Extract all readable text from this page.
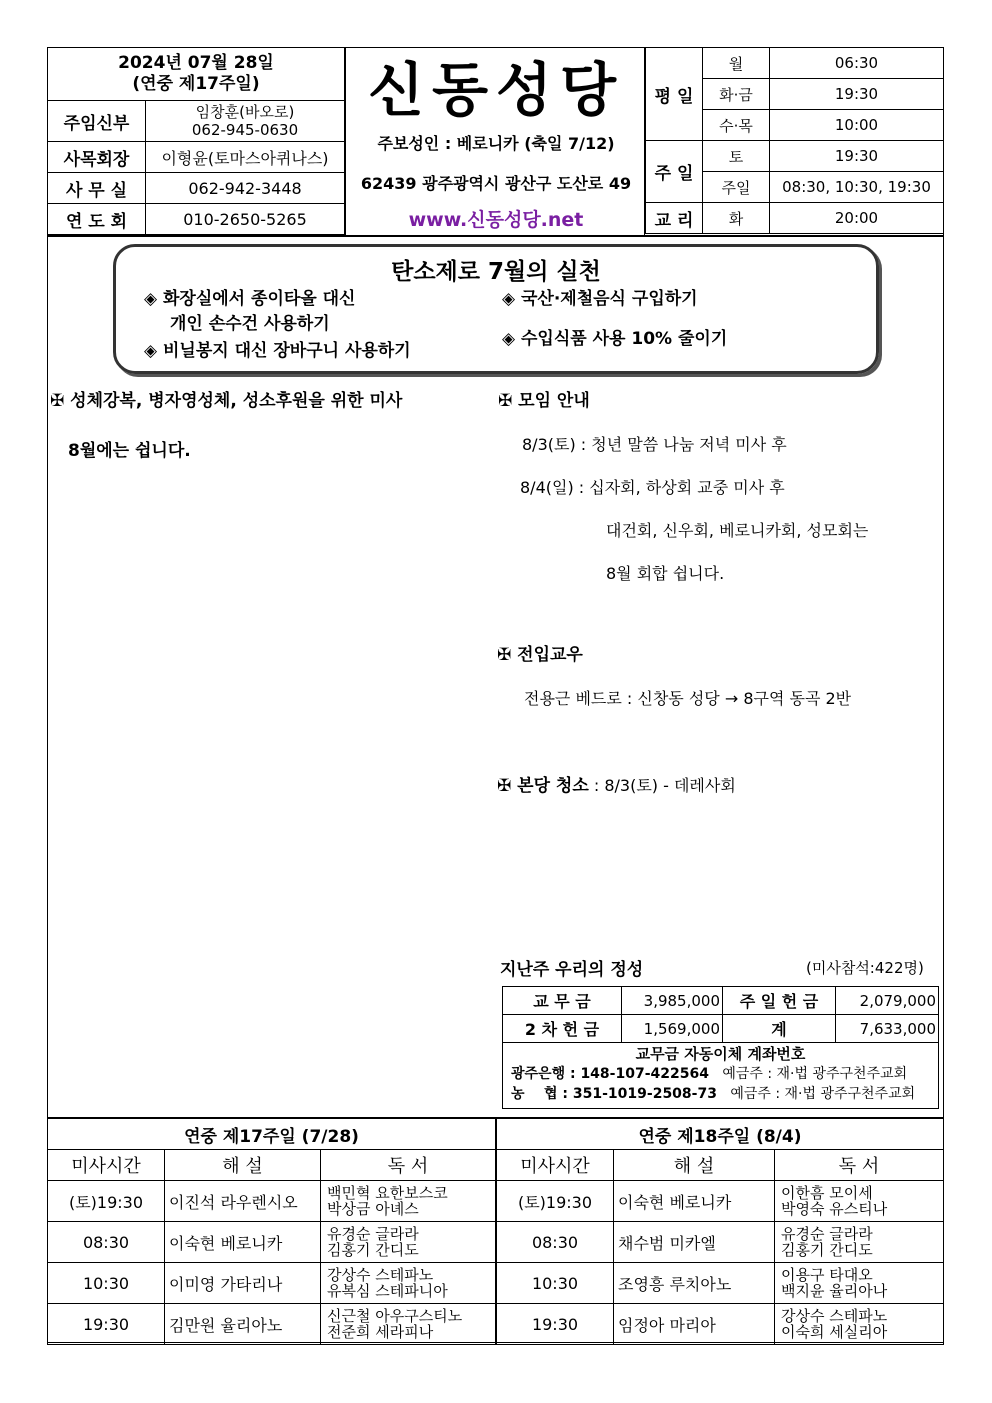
2024년 07월 28일
(연중 제17주일)	

주임신부	임창훈(바오로)
062-945-0630

사목회장	이형윤(토마스아퀴나스)
사 무 실	062-942-3448
연 도 회	010-2650-5265
신동성당
주보성인 : 베로니카 (축일 7/12)
62439 광주광역시 광산구 도산로 49
www.신동성당.net
평 일	월	06:30
	화·금	19:30
	수·목	10:00
주 일	토	19:30
	주일	08:30, 10:30, 19:30
교 리	화	20:00
탄소제로 7월의 실천
◈ 화장실에서 종이타올 대신
개인 손수건 사용하기
◈ 비닐봉지 대신 장바구니 사용하기
◈ 국산·제철음식 구입하기
◈ 수입식품 사용 10% 줄이기
✠ 성체강복, 병자영성체, 성소후원을 위한 미사
8월에는 쉽니다.
✠ 모임 안내
8/3(토) : 청년 말씀 나눔 저녁 미사 후
8/4(일) : 십자회, 하상회 교중 미사 후
대건회, 신우회, 베로니카회, 성모회는
8월 회합 쉽니다.
✠ 전입교우
전용근 베드로 : 신창동 성당 → 8구역 동곡 2반
✠ 본당 청소 : 8/3(토) - 데레사회
지난주 우리의 정성	(미사참석:422명)
교 무 금	3,985,000	주 일 헌 금	2,079,000
2 차 헌 금	1,569,000	계	7,633,000
교무금 자동이체 계좌번호
광주은행 : 148-107-422564 예금주 : 재·법 광주구천주교회
농    협 : 351-1019-2508-73 예금주 : 재·법 광주구천주교회
연중 제17주일 (7/28)		
미사시간	해 설	독 서
(토)19:30	이진석 라우렌시오	백민혁 요한보스코
박상금 아녜스

08:30	이숙현 베로니카	유경순 글라라
김홍기 간디도

10:30	이미영 가타리나	강상수 스테파노
유복심 스테파니아

19:30	김만원 율리아노	신근철 아우구스티노
전준희 세라피나
연중 제18주일 (8/4)		
미사시간	해 설	독 서
(토)19:30	이숙현 베로니카	이한흠 모이세
박영숙 유스티나

08:30	채수범 미카엘	유경순 글라라
김홍기 간디도

10:30	조영흥 루치아노	이용구 타대오
백지윤 율리아나

19:30	임정아 마리아	강상수 스테파노
이숙희 세실리아
